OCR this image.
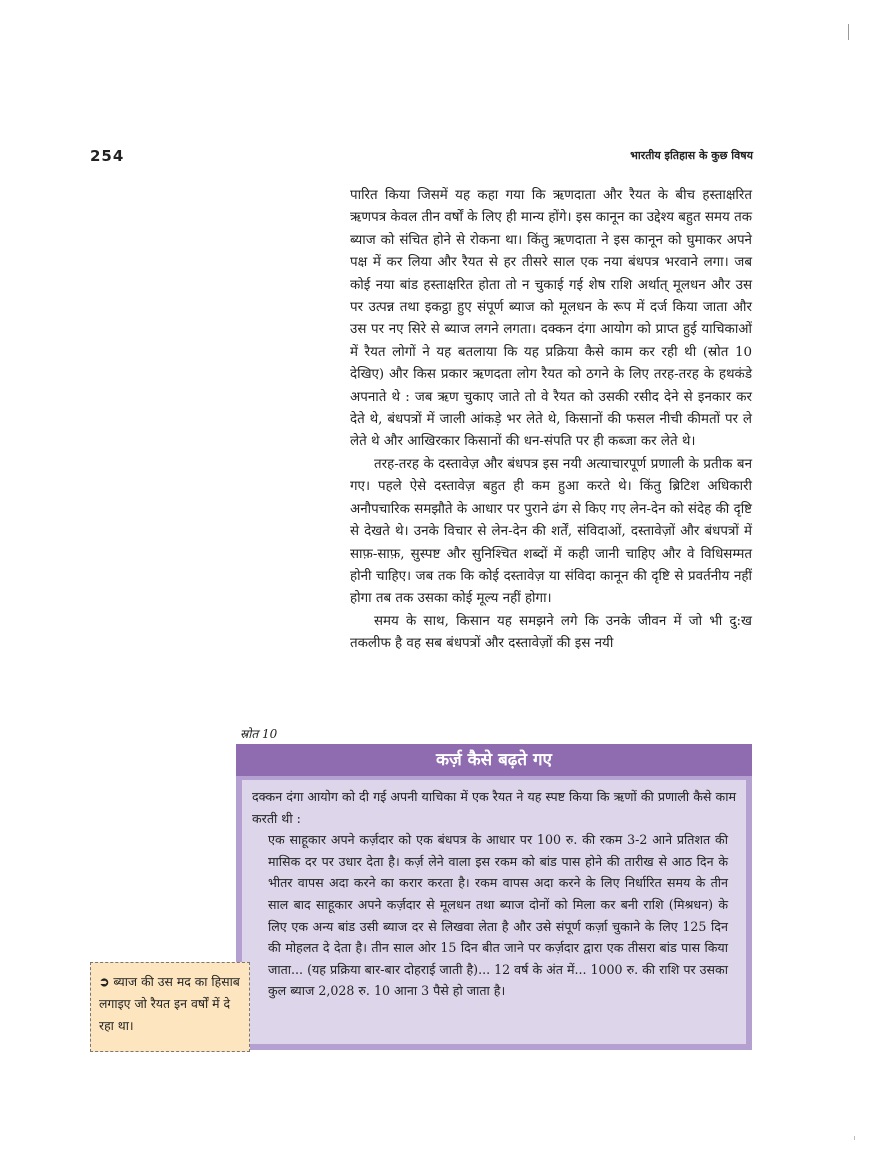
254	भारतीय इतिहास के कुछ विषय

पारित किया जिसमें यह कहा गया कि ऋणदाता और रैयत के बीच हस्ताक्षरित ऋणपत्र केवल तीन वर्षों के लिए ही मान्य होंगे। इस कानून का उद्देश्य बहुत समय तक ब्याज को संचित होने से रोकना था। किंतु ऋणदाता ने इस कानून को घुमाकर अपने पक्ष में कर लिया और रैयत से हर तीसरे साल एक नया बंधपत्र भरवाने लगा। जब कोई नया बांड हस्ताक्षरित होता तो न चुकाई गई शेष राशि अर्थात् मूलधन और उस पर उत्पन्न तथा इकट्ठा हुए संपूर्ण ब्याज को मूलधन के रूप में दर्ज किया जाता और उस पर नए सिरे से ब्याज लगने लगता। दक्कन दंगा आयोग को प्राप्त हुई याचिकाओं में रैयत लोगों ने यह बतलाया कि यह प्रक्रिया कैसे काम कर रही थी (स्रोत 10 देखिए) और किस प्रकार ऋणदता लोग रैयत को ठगने के लिए तरह-तरह के हथकंडे अपनाते थे : जब ऋण चुकाए जाते तो वे रैयत को उसकी रसीद देने से इनकार कर देते थे, बंधपत्रों में जाली आंकड़े भर लेते थे, किसानों की फसल नीची कीमतों पर ले लेते थे और आखिरकार किसानों की धन-संपति पर ही कब्जा कर लेते थे।

तरह-तरह के दस्तावेज़ और बंधपत्र इस नयी अत्याचारपूर्ण प्रणाली के प्रतीक बन गए। पहले ऐसे दस्तावेज़ बहुत ही कम हुआ करते थे। किंतु ब्रिटिश अधिकारी अनौपचारिक समझौते के आधार पर पुराने ढंग से किए गए लेन-देन को संदेह की दृष्टि से देखते थे। उनके विचार से लेन-देन की शर्तें, संविदाओं, दस्तावेज़ों और बंधपत्रों में साफ़-साफ़, सुस्पष्ट और सुनिश्चित शब्दों में कही जानी चाहिए और वे विधिसम्मत होनी चाहिए। जब तक कि कोई दस्तावेज़ या संविदा कानून की दृष्टि से प्रवर्तनीय नहीं होगा तब तक उसका कोई मूल्य नहीं होगा।

समय के साथ, किसान यह समझने लगे कि उनके जीवन में जो भी दु:ख तकलीफ है वह सब बंधपत्रों और दस्तावेज़ों की इस नयी

स्रोत 10
कर्ज़ कैसे बढ़ते गए

दक्कन दंगा आयोग को दी गई अपनी याचिका में एक रैयत ने यह स्पष्ट किया कि ऋणों की प्रणाली कैसे काम करती थी :

एक साहूकार अपने कर्ज़दार को एक बंधपत्र के आधार पर 100 रु. की रकम 3-2 आने प्रतिशत की मासिक दर पर उधार देता है। कर्ज़ लेने वाला इस रकम को बांड पास होने की तारीख से आठ दिन के भीतर वापस अदा करने का करार करता है। रकम वापस अदा करने के लिए निर्धारित समय के तीन साल बाद साहूकार अपने कर्ज़दार से मूलधन तथा ब्याज दोनों को मिला कर बनी राशि (मिश्रधन) के लिए एक अन्य बांड उसी ब्याज दर से लिखवा लेता है और उसे संपूर्ण कर्ज़ा चुकाने के लिए 125 दिन की मोहलत दे देता है। तीन साल ओर 15 दिन बीत जाने पर कर्ज़दार द्वारा एक तीसरा बांड पास किया जाता... (यह प्रक्रिया बार-बार दोहराई जाती है)... 12 वर्ष के अंत में... 1000 रु. की राशि पर उसका कुल ब्याज 2,028 रु. 10 आना 3 पैसे हो जाता है।

➲ ब्याज की उस मद का हिसाब लगाइए जो रैयत इन वर्षों में दे रहा था।
